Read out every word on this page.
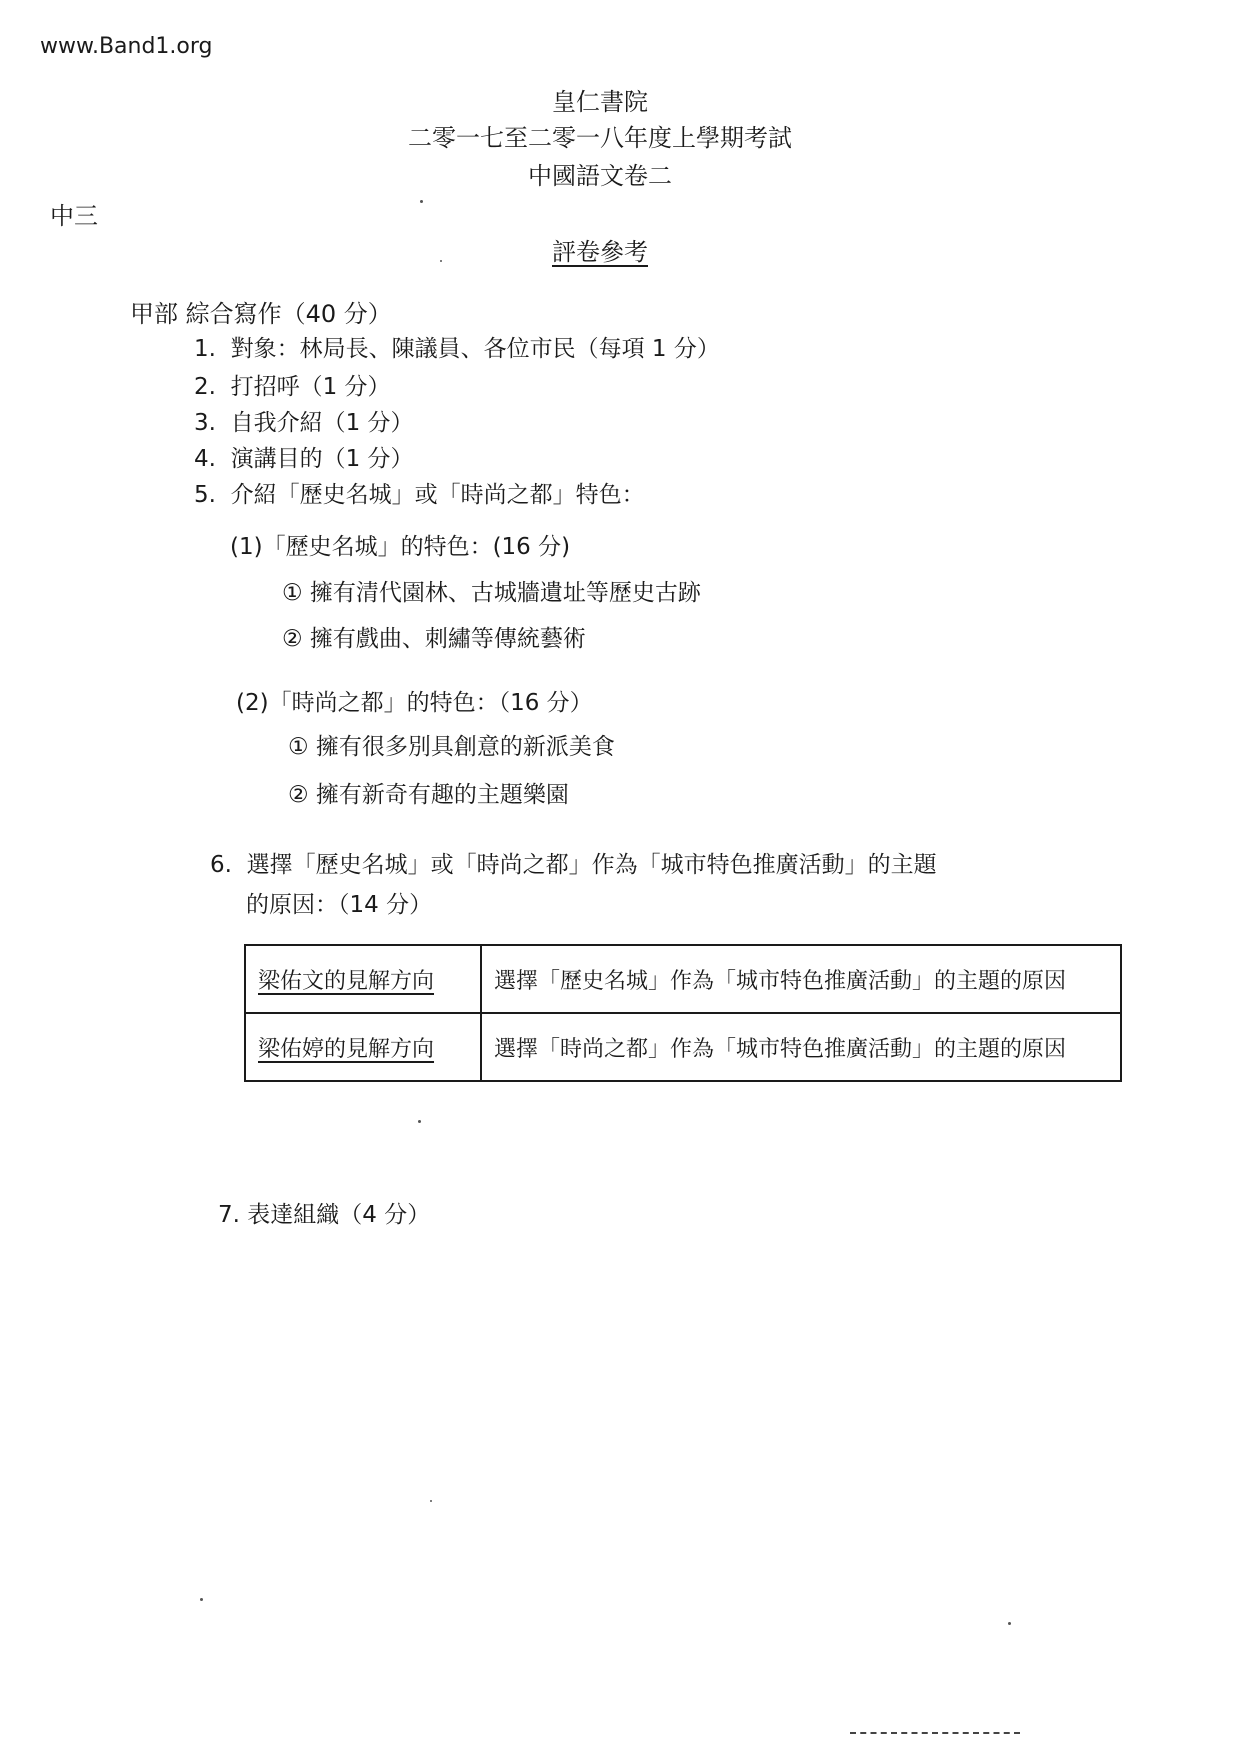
www.Band1.org
皇仁書院
二零一七至二零一八年度上學期考試
中國語文卷二
中三
評卷參考
甲部 綜合寫作（40 分）
1. 對象：林局長、陳議員、各位市民（每項 1 分）
2. 打招呼（1 分）
3. 自我介紹（1 分）
4. 演講目的（1 分）
5. 介紹「歷史名城」或「時尚之都」特色：
(1)「歷史名城」的特色：(16 分)
① 擁有清代園林、古城牆遺址等歷史古跡
② 擁有戲曲、刺繡等傳統藝術
(2)「時尚之都」的特色：（16 分）
① 擁有很多別具創意的新派美食
② 擁有新奇有趣的主題樂園
6. 選擇「歷史名城」或「時尚之都」作為「城市特色推廣活動」的主題
的原因：（14 分）
梁佑文的見解方向	選擇「歷史名城」作為「城市特色推廣活動」的主題的原因
梁佑婷的見解方向	選擇「時尚之都」作為「城市特色推廣活動」的主題的原因
7. 表達組織（4 分）
